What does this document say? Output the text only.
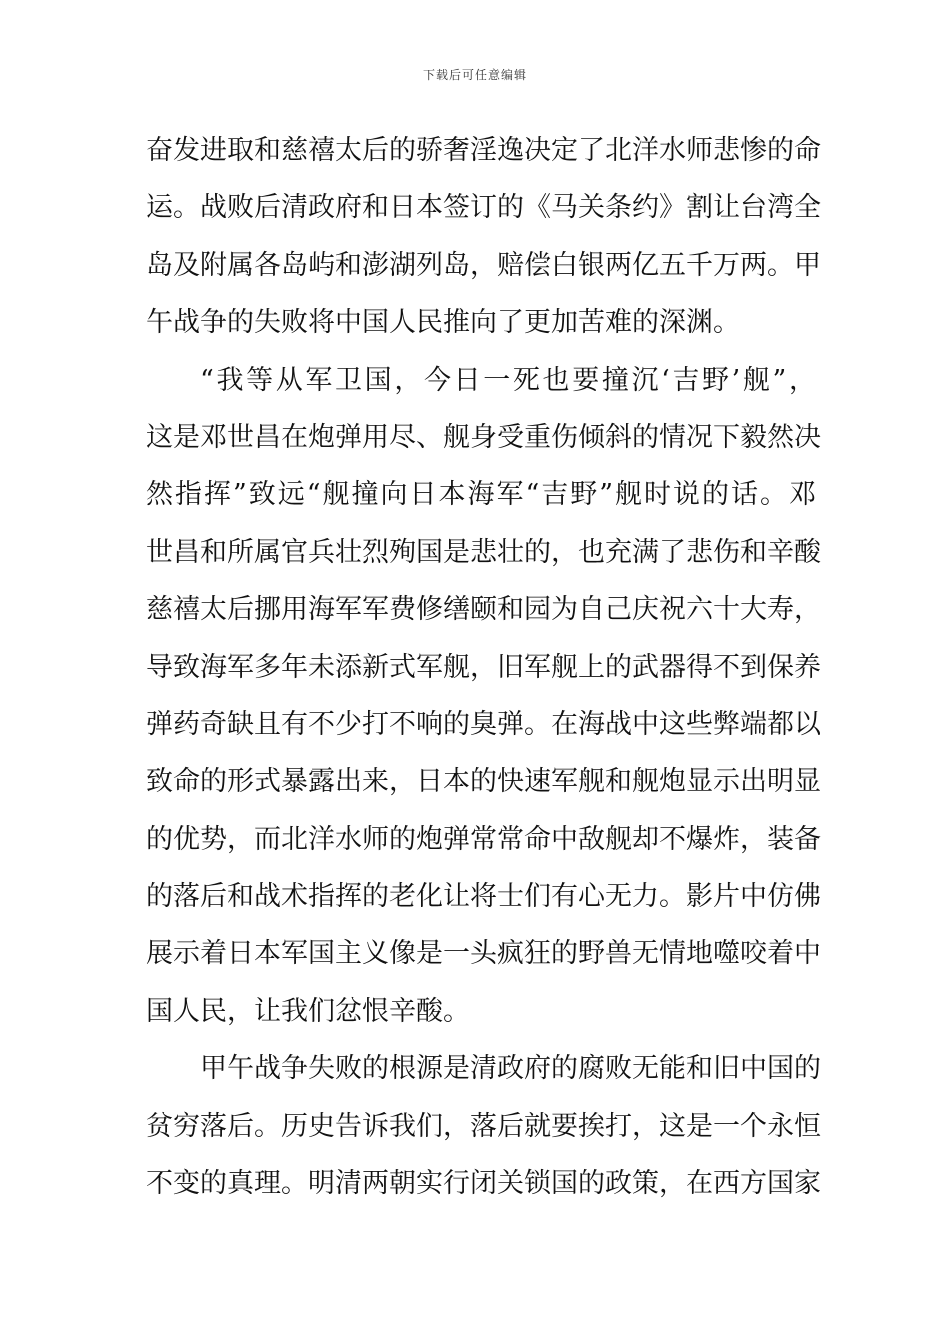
下载后可任意编辑
奋发进取和慈禧太后的骄奢淫逸决定了北洋水师悲惨的命
运。战败后清政府和日本签订的《马关条约》割让台湾全
岛及附属各岛屿和澎湖列岛，赔偿白银两亿五千万两。甲
午战争的失败将中国人民推向了更加苦难的深渊。
“我等从军卫国，今日一死也要撞沉‘吉野’舰”，
这是邓世昌在炮弹用尽、舰身受重伤倾斜的情况下毅然决
然指挥”致远“舰撞向日本海军“吉野”舰时说的话。邓
世昌和所属官兵壮烈殉国是悲壮的，也充满了悲伤和辛酸
慈禧太后挪用海军军费修缮颐和园为自己庆祝六十大寿，
导致海军多年未添新式军舰，旧军舰上的武器得不到保养
弹药奇缺且有不少打不响的臭弹。在海战中这些弊端都以
致命的形式暴露出来，日本的快速军舰和舰炮显示出明显
的优势，而北洋水师的炮弹常常命中敌舰却不爆炸，装备
的落后和战术指挥的老化让将士们有心无力。影片中仿佛
展示着日本军国主义像是一头疯狂的野兽无情地噬咬着中
国人民，让我们忿恨辛酸。
甲午战争失败的根源是清政府的腐败无能和旧中国的
贫穷落后。历史告诉我们，落后就要挨打，这是一个永恒
不变的真理。明清两朝实行闭关锁国的政策，在西方国家
